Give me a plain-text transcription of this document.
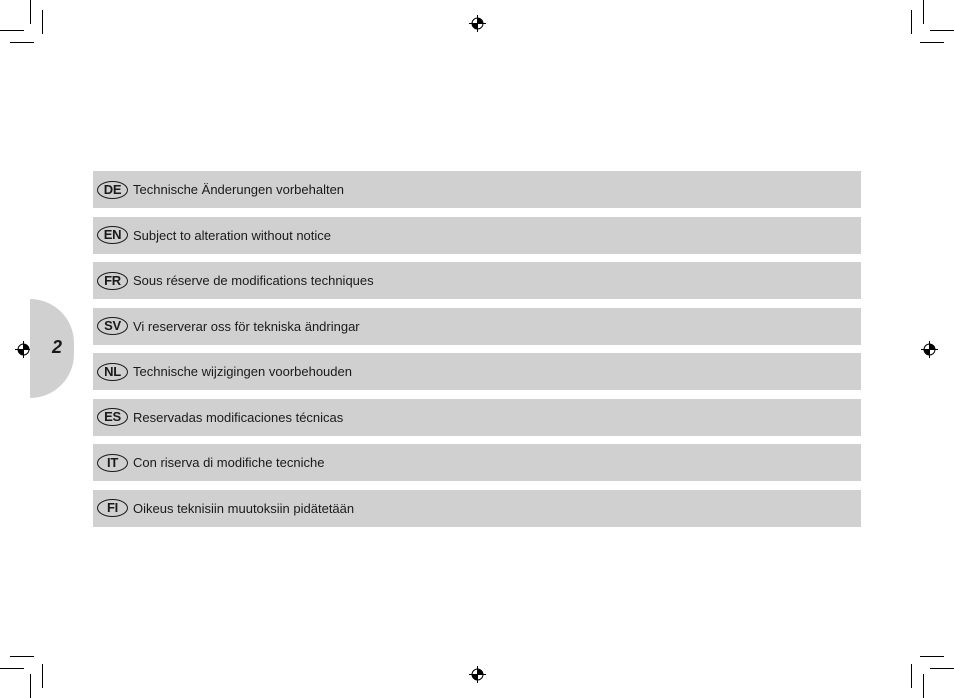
2
DE Technische Änderungen vorbehalten
EN Subject to alteration without notice
FR Sous réserve de modifications techniques
SV Vi reserverar oss för tekniska ändringar
NL Technische wijzigingen voorbehouden
ES Reservadas modificaciones técnicas
IT	Con riserva di modifiche tecniche
FI	Oikeus teknisiin muutoksiin pidätetään
